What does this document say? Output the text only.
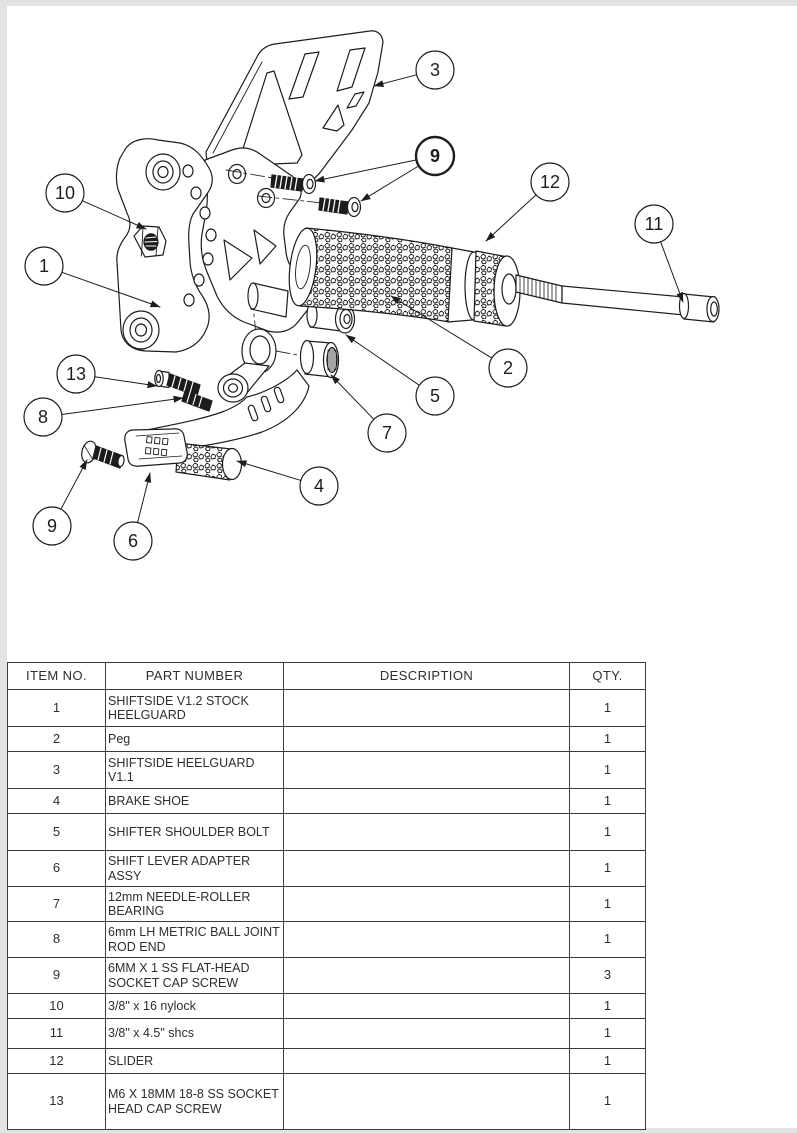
1
2
3
4
5
6
7
8
9
9
10
11
12
13
ITEM NO.	PART NUMBER	DESCRIPTION	QTY.
1	SHIFTSIDE V1.2 STOCK HEELGUARD		1
2	Peg		1
3	SHIFTSIDE HEELGUARD V1.1		1
4	BRAKE SHOE		1
5	SHIFTER SHOULDER BOLT		1
6	SHIFT LEVER ADAPTER ASSY		1
7	12mm NEEDLE-ROLLER BEARING		1
8	6mm LH METRIC BALL JOINT ROD END		1
9	6MM X 1 SS FLAT-HEAD SOCKET CAP SCREW		3
10	3/8" x 16 nylock		1
11	3/8" x 4.5" shcs		1
12	SLIDER		1
13	M6 X 18MM 18-8 SS SOCKET HEAD CAP SCREW		1
